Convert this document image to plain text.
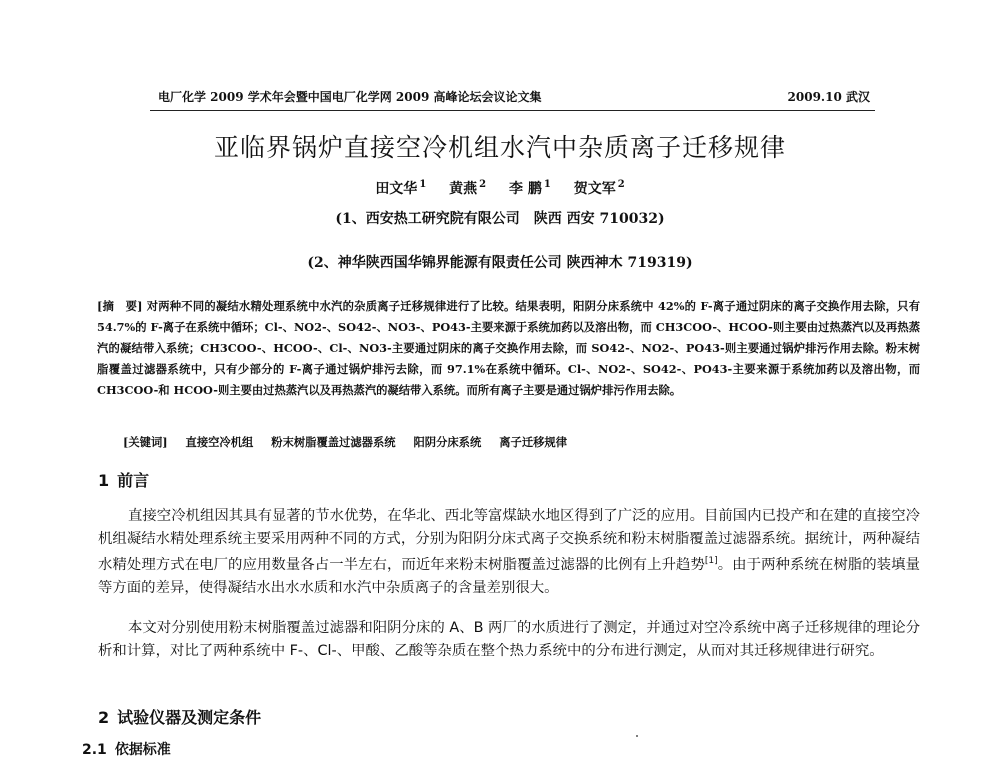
电厂化学 2009 学术年会暨中国电厂化学网 2009 高峰论坛会议论文集	2009.10 武汉
亚临界锅炉直接空冷机组水汽中杂质离子迁移规律
田文华 $^1$ 黄燕 $^2$ 李 鹏 $^1$ 贺文军 $^2$
(1、西安热工研究院有限公司　陕西 西安 710032)
(2、神华陕西国华锦界能源有限责任公司 陕西神木 719319)

[摘　要] 对两种不同的凝结水精处理系统中水汽的杂质离子迁移规律进行了比较。结果表明，阳阴分床系统中 42%的 F-离子通过阴床的离子交换作用去除，只有 54.7%的 F-离子在系统中循环；Cl-、NO2-、SO42-、NO3-、PO43-主要来源于系统加药以及溶出物，而 CH3COO-、HCOO-则主要由过热蒸汽以及再热蒸汽的凝结带入系统；CH3COO-、HCOO-、Cl-、NO3-主要通过阴床的离子交换作用去除，而 SO42-、NO2-、PO43-则主要通过锅炉排污作用去除。粉末树脂覆盖过滤器系统中，只有少部分的 F-离子通过锅炉排污去除，而 97.1%在系统中循环。Cl-、NO2-、SO42-、PO43-主要来源于系统加药以及溶出物，而 CH3COO-和 HCOO-则主要由过热蒸汽以及再热蒸汽的凝结带入系统。而所有离子主要是通过锅炉排污作用去除。

[关键词] 直接空冷机组 粉末树脂覆盖过滤器系统 阳阴分床系统 离子迁移规律
1 前言

直接空冷机组因其具有显著的节水优势，在华北、西北等富煤缺水地区得到了广泛的应用。目前国内已投产和在建的直接空冷机组凝结水精处理系统主要采用两种不同的方式，分别为阳阴分床式离子交换系统和粉末树脂覆盖过滤器系统。据统计，两种凝结水精处理方式在电厂的应用数量各占一半左右，而近年来粉末树脂覆盖过滤器的比例有上升趋势[1]。由于两种系统在树脂的装填量等方面的差异，使得凝结水出水水质和水汽中杂质离子的含量差别很大。

本文对分别使用粉末树脂覆盖过滤器和阳阴分床的 A、B 两厂的水质进行了测定，并通过对空冷系统中离子迁移规律的理论分析和计算，对比了两种系统中 F-、Cl-、甲酸、乙酸等杂质在整个热力系统中的分布进行测定，从而对其迁移规律进行研究。

2 试验仪器及测定条件
2.1 依据标准
